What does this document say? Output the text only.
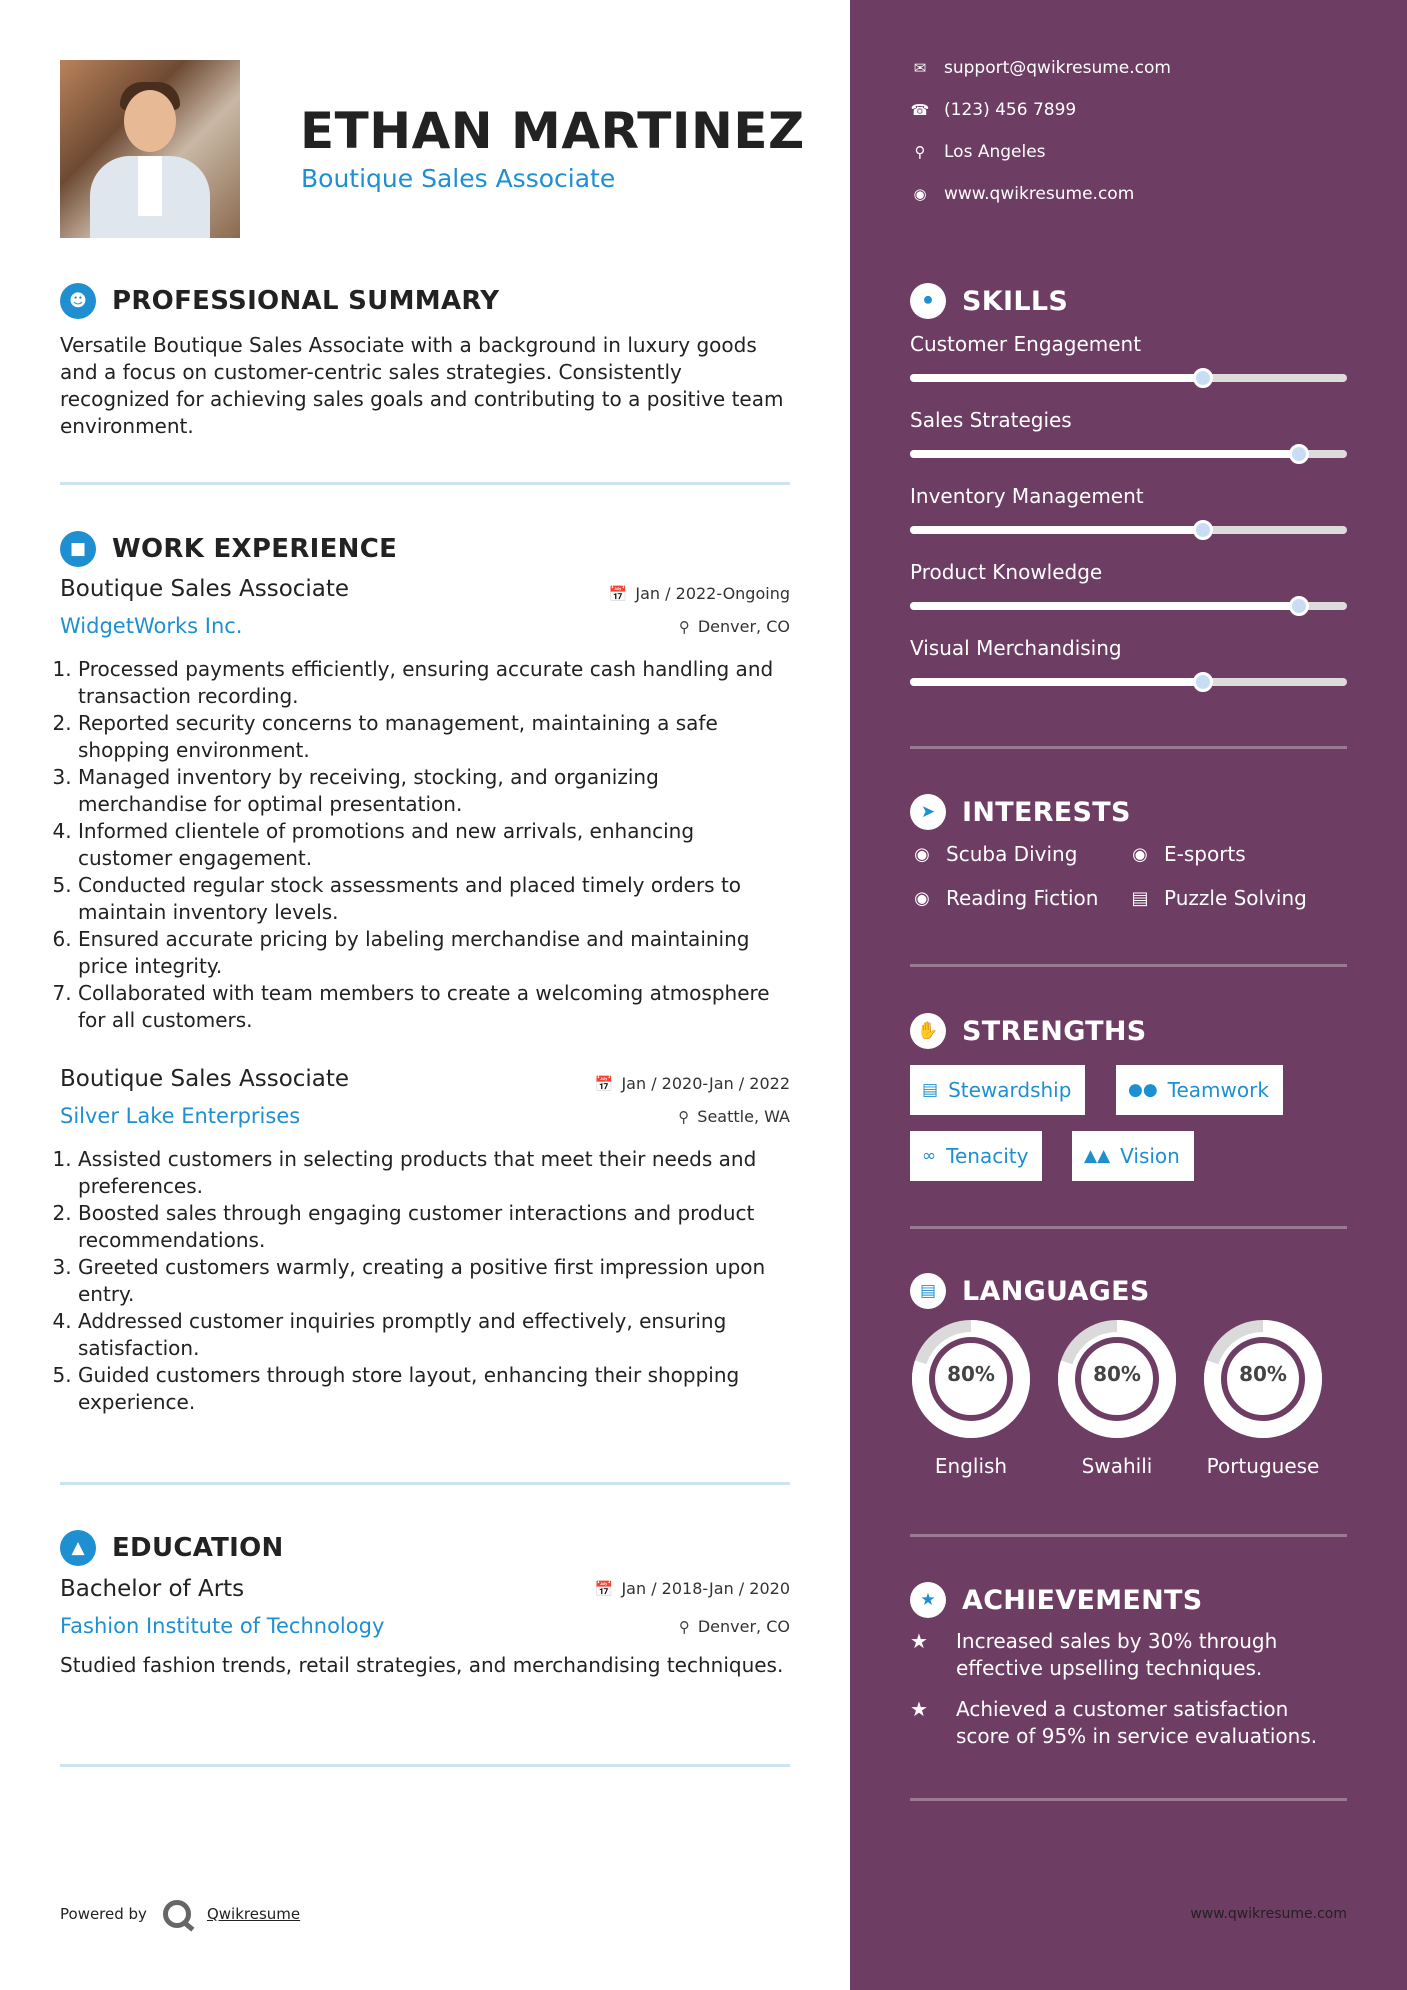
ETHAN MARTINEZ
Boutique Sales Associate
☻ PROFESSIONAL SUMMARY
Versatile Boutique Sales Associate with a background in luxury goods and a focus on customer-centric sales strategies. Consistently recognized for achieving sales goals and contributing to a positive team environment.
■ WORK EXPERIENCE
Boutique Sales Associate	📅 Jan / 2022-Ongoing
WidgetWorks Inc.	⚲ Denver, CO
1. Processed payments efficiently, ensuring accurate cash handling and transaction recording.
2. Reported security concerns to management, maintaining a safe shopping environment.
3. Managed inventory by receiving, stocking, and organizing merchandise for optimal presentation.
4. Informed clientele of promotions and new arrivals, enhancing customer engagement.
5. Conducted regular stock assessments and placed timely orders to maintain inventory levels.
6. Ensured accurate pricing by labeling merchandise and maintaining price integrity.
7. Collaborated with team members to create a welcoming atmosphere for all customers.
Boutique Sales Associate	📅 Jan / 2020-Jan / 2022
Silver Lake Enterprises	⚲ Seattle, WA
1. Assisted customers in selecting products that meet their needs and preferences.
2. Boosted sales through engaging customer interactions and product recommendations.
3. Greeted customers warmly, creating a positive first impression upon entry.
4. Addressed customer inquiries promptly and effectively, ensuring satisfaction.
5. Guided customers through store layout, enhancing their shopping experience.
▲	EDUCATION
Bachelor of Arts	📅 Jan / 2018-Jan / 2020
Fashion Institute of Technology	⚲ Denver, CO
Studied fashion trends, retail strategies, and merchandising techniques.
Powered by	Qwikresume
✉ support@qwikresume.com
☎ (123) 456 7899
⚲ Los Angeles
◉ www.qwikresume.com
⚫ SKILLS
Customer Engagement
Sales Strategies
Inventory Management
Product Knowledge
Visual Merchandising
➤ INTERESTS
◉ Scuba Diving	◉ E-sports
◉ Reading Fiction ▤ Puzzle Solving
✋ STRENGTHS
▤ Stewardship	●● Teamwork
∞ Tenacity	▲▲ Vision
▤ LANGUAGES
80%
English
80%
Swahili
80%
Portuguese
★ ACHIEVEMENTS
★	Increased sales by 30% through effective upselling techniques.
★	Achieved a customer satisfaction score of 95% in service evaluations.
www.qwikresume.com
